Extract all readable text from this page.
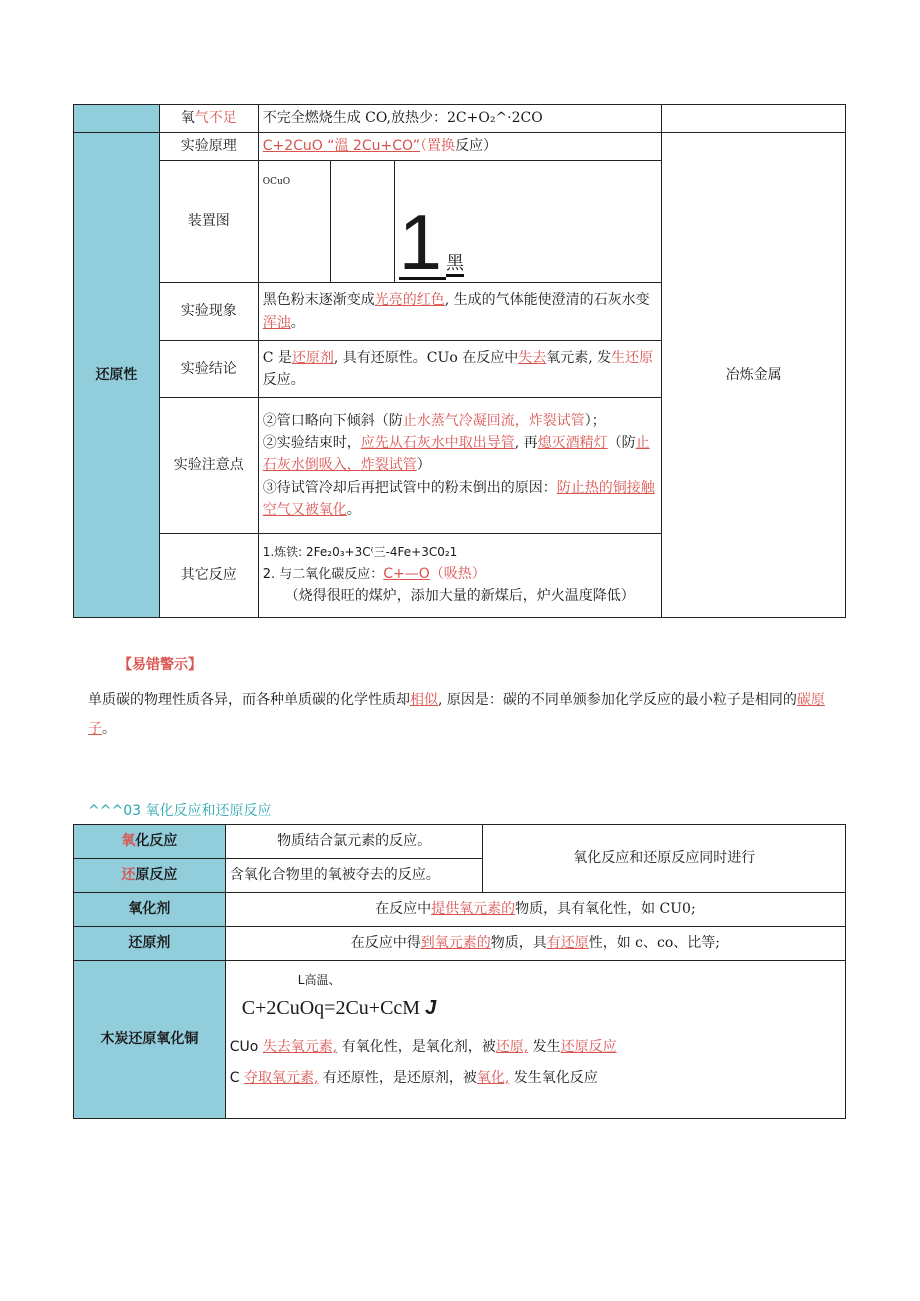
	氧气不足	不完全燃烧生成 CO,放热少：2C+O₂^·2CO			
还原性	实验原理	C+2CuO “溫 2Cu+CO”（置换反应）			冶炼金属
	装置图	OCuO		1 黑	
	实验现象	黑色粉末逐渐变成光亮的红色, 生成的气体能使澄清的石灰水变浑浊。			
	实验结论	C 是还原剂, 具有还原性。CUo 在反应中失去氧元素, 发生还原反应。			
	实验注意点	②管口略向下倾斜（防止水蒸气冷凝回流，炸裂试管）；
②实验结束时，应先从石灰水中取出导管, 再熄灭酒精灯（防止石灰水倒吸入，炸裂试管）
③待试管冷却后再把试管中的粉末倒出的原因：防止热的铜接触空气又被氧化。			

	其它反应	1.炼铁: 2Fe₂0₃+3C⁽三-4Fe+3C0₂1
2. 与二氧化碳反应：C+—O（吸热）
（烧得很旺的煤炉，添加大量的新煤后，炉火温度降低）			
【易错警示】
单质碳的物理性质各异，而各种单质碳的化学性质却相似, 原因是：碳的不同单颁参加化学反应的最小粒子是相同的碳原子。
^^^03 氧化反应和还原反应
氧化反应	物质结合氯元素的反应。	氧化反应和还原反应同时进行
还原反应	含氧化合物里的氧被夺去的反应。	
氧化剂	在反应中提供氧元素的物质，具有氧化性，如 CU0;	
还原剂	在反应中得到氧元素的物质，具有还原性，如 c、co、比等;	
木炭还原氧化铜	L高温、
C+2CuOq=2Cu+CcM J
CUo 失去氧元素, 有氧化性，是氧化剂，被还原, 发生还原反应
C 夺取氧元素, 有还原性，是还原剂，被氧化, 发生氧化反应	
